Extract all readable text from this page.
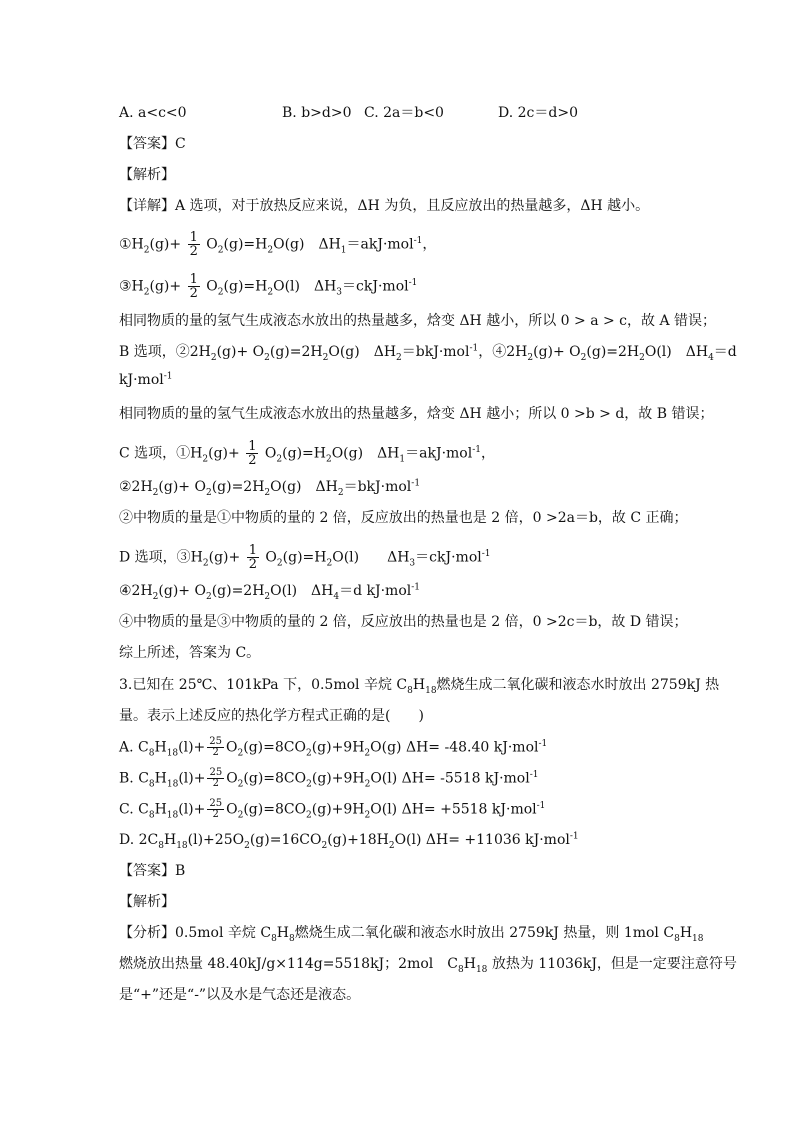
A. a<c<0	B. b>d>0 C. 2a＝b<0	D. 2c＝d>0
【答案】C
【解析】
【详解】A 选项，对于放热反应来说，ΔH 为负，且反应放出的热量越多，ΔH 越小。
$①H_2(g)+ \frac{1}{2} O_2(g)=H_2O(g)$　$\Delta H_1=akJ\cdot mol^{-1}$，
$③H_2(g)+ \frac{1}{2} O_2(g)=H_2O(l)$　$\Delta H_3=ckJ\cdot mol^{-1}$
相同物质的量的氢气生成液态水放出的热量越多，焓变 ΔH 越小，所以 0 > a > c，故 A 错误；
B 选项，$②2H_2(g)+ O_2(g)=2H_2O(g)$　$\Delta H_2=bkJ\cdot mol^{-1}$，$④2H_2(g)+ O_2(g)=2H_2O(l)$　$\Delta H_4=d$
kJ·mol$^{-1}$
相同物质的量的氢气生成液态水放出的热量越多，焓变 ΔH 越小；所以 0 >b > d，故 B 错误；
C 选项，$①H_2(g)+ \frac{1}{2} O_2(g)=H_2O(g)$　$\Delta H_1=akJ\cdot mol^{-1}$，
$②2H_2(g)+ O_2(g)=2H_2O(g)$　$\Delta H_2=bkJ\cdot mol^{-1}$
②中物质的量是①中物质的量的 2 倍，反应放出的热量也是 2 倍，0 >2a＝b，故 C 正确；
D 选项，$③H_2(g)+ \frac{1}{2} O_2(g)=H_2O(l)$　　$\Delta H_3=ckJ\cdot mol^{-1}$
$④2H_2(g)+ O_2(g)=2H_2O(l)$　$\Delta H_4=d$ kJ·mol$^{-1}$
④中物质的量是③中物质的量的 2 倍，反应放出的热量也是 2 倍，0 >2c＝b，故 D 错误；
综上所述，答案为 C。
3.已知在 25℃、101kPa 下，0.5mol 辛烷 $C_8H_{18}$燃烧生成二氧化碳和液态水时放出 2759kJ 热
量。表示上述反应的热化学方程式正确的是(　　)
A. $C_8H_{18}(l)+ \frac{25}{2} O_2(g)=8CO_2(g)+9H_2O(g)$ ΔH= -48.40 kJ·mol$^{-1}$
B. $C_8H_{18}(l)+ \frac{25}{2} O_2(g)=8CO_2(g)+9H_2O(l)$ ΔH= -5518 kJ·mol$^{-1}$
C. $C_8H_{18}(l)+ \frac{25}{2} O_2(g)=8CO_2(g)+9H_2O(l)$ ΔH= +5518 kJ·mol$^{-1}$
D. $2C_8H_{18}(l)+25O_2(g)=16CO_2(g)+18H_2O(l)$ ΔH= +11036 kJ·mol$^{-1}$
【答案】B
【解析】
【分析】0.5mol 辛烷 $C_8H_8$燃烧生成二氧化碳和液态水时放出 2759kJ 热量，则 1mol $C_8H_{18}$
燃烧放出热量 48.40kJ/g×114g=5518kJ；2mol　$C_8H_{18}$ 放热为 11036kJ，但是一定要注意符号
是“+”还是“-”以及水是气态还是液态。
